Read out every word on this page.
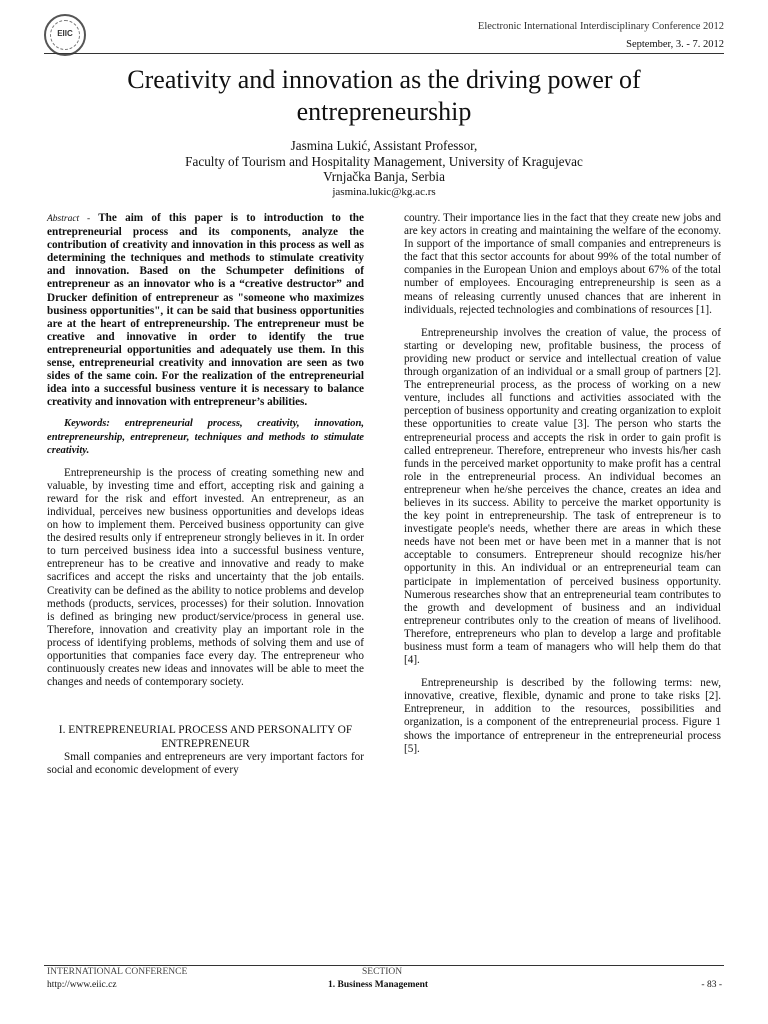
EIIC
Electronic International Interdisciplinary Conference 2012
September, 3. - 7. 2012
Creativity and innovation as the driving power of entrepreneurship
Jasmina Lukić, Assistant Professor,
Faculty of Tourism and Hospitality Management, University of Kragujevac
Vrnjačka Banja, Serbia
jasmina.lukic@kg.ac.rs

Abstract - The aim of this paper is to introduction to the entrepreneurial process and its components, analyze the contribution of creativity and innovation in this process as well as determining the techniques and methods to stimulate creativity and innovation. Based on the Schumpeter definitions of entrepreneur as an innovator who is a “creative destructor” and Drucker definition of entrepreneur as "someone who maximizes business opportunities", it can be said that business opportunities are at the heart of entrepreneurship. The entrepreneur must be creative and innovative in order to identify the true entrepreneurial opportunities and adequately use them. In this sense, entrepreneurial creativity and innovation are seen as two sides of the same coin. For the realization of the entrepreneurial idea into a successful business venture it is necessary to balance creativity and innovation with entrepreneur’s abilities.

Keywords: entrepreneurial process, creativity, innovation, entrepreneurship, entrepreneur, techniques and methods to stimulate creativity.

Entrepreneurship is the process of creating something new and valuable, by investing time and effort, accepting risk and gaining a reward for the risk and effort invested. An entrepreneur, as an individual, perceives new business opportunities and develops ideas on how to implement them. Perceived business opportunity can give the desired results only if entrepreneur strongly believes in it. In order to turn perceived business idea into a successful business venture, entrepreneur has to be creative and innovative and ready to make sacrifices and accept the risks and uncertainty that the job entails. Creativity can be defined as the ability to notice problems and develop methods (products, services, processes) for their solution. Innovation is defined as bringing new product/service/process in general use. Therefore, innovation and creativity play an important role in the process of identifying problems, methods of solving them and use of opportunities that companies face every day. The entrepreneur who continuously creates new ideas and innovates will be able to meet the changes and needs of contemporary society.

I. ENTREPRENEURIAL PROCESS AND PERSONALITY OF ENTREPRENEUR

Small companies and entrepreneurs are very important factors for social and economic development of every

country. Their importance lies in the fact that they create new jobs and are key actors in creating and maintaining the welfare of the economy. In support of the importance of small companies and entrepreneurs is the fact that this sector accounts for about 99% of the total number of companies in the European Union and employs about 67% of the total number of employees. Encouraging entrepreneurship is seen as a means of releasing currently unused chances that are inherent in individuals, rejected technologies and combinations of resources [1].

Entrepreneurship involves the creation of value, the process of starting or developing new, profitable business, the process of providing new product or service and intellectual creation of value through organization of an individual or a small group of partners [2]. The entrepreneurial process, as the process of working on a new venture, includes all functions and activities associated with the perception of business opportunity and creating organization to exploit these opportunities to create value [3]. The person who starts the entrepreneurial process and accepts the risk in order to gain profit is called entrepreneur. Therefore, entrepreneur who invests his/her cash funds in the perceived market opportunity to make profit has a central role in the entrepreneurial process. An individual becomes an entrepreneur when he/she perceives the chance, creates an idea and believes in its success. Ability to perceive the market opportunity is the key point in entrepreneurship. The task of entrepreneur is to investigate people's needs, whether there are areas in which these needs have not been met or have been met in a manner that is not acceptable to consumers. Entrepreneur should recognize his/her opportunity in this. An individual or an entrepreneurial team can participate in implementation of perceived business opportunity. Numerous researches show that an entrepreneurial team contributes to the growth and development of business and an individual entrepreneur contributes only to the creation of means of livelihood. Therefore, entrepreneurs who plan to develop a large and profitable business must form a team of managers who will help them do that [4].

Entrepreneurship is described by the following terms: new, innovative, creative, flexible, dynamic and prone to take risks [2]. Entrepreneur, in addition to the resources, possibilities and organization, is a component of the entrepreneurial process. Figure 1 shows the importance of entrepreneur in the entrepreneurial process [5].

INTERNATIONAL CONFERENCE
http://www.eiic.cz
SECTION
1. Business Management	- 83 -
